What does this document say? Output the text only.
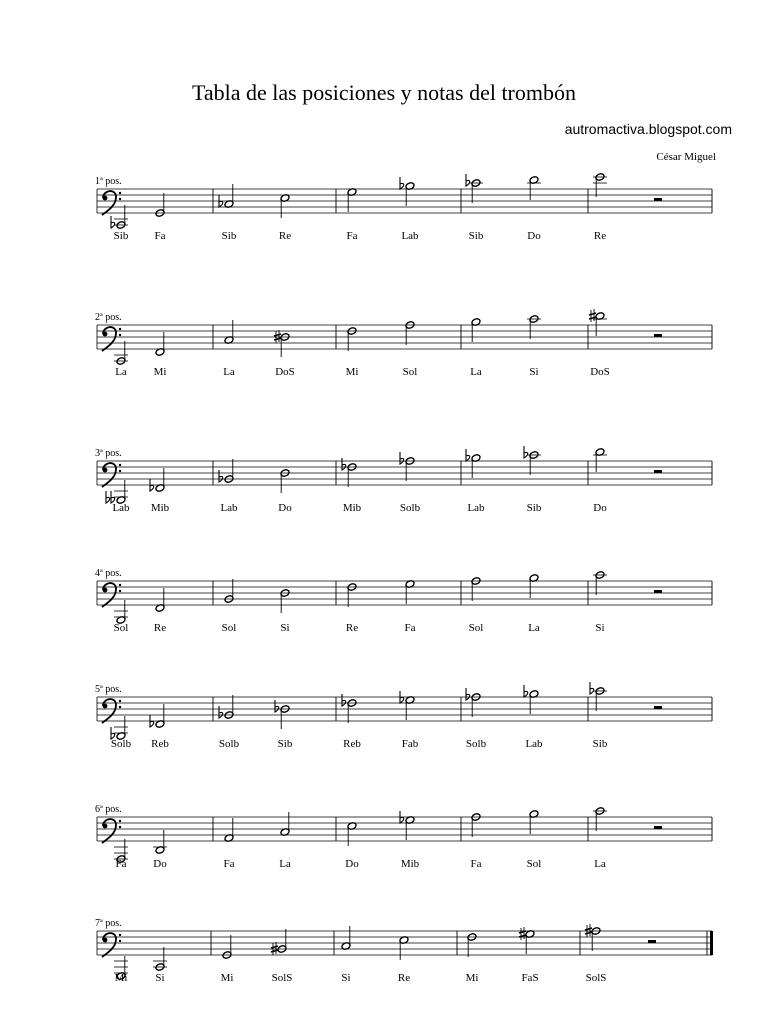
Tabla de las posiciones y notas del trombón
autromactiva.blogspot.com
César Miguel
1ª pos.
Sib Fa	Sib	Re	Fa	Lab	Sib	Do	Re
2ª pos.
La Mi	La	DoS	Mi	Sol	La	Si	DoS
3ª pos.
Lab Mib	Lab	Do	Mib	Solb	Lab	Sib	Do
4ª pos.
Sol Re	Sol	Si	Re	Fa	Sol	La	Si
5ª pos.
Solb Reb	Solb	Sib	Reb	Fab	Solb	Lab	Sib
6ª pos.
Fa Do	Fa	La	Do	Mib	Fa	Sol	La
7ª pos.
Mi	Si	Mi	SolS	Si	Re	Mi	FaS	SolS
